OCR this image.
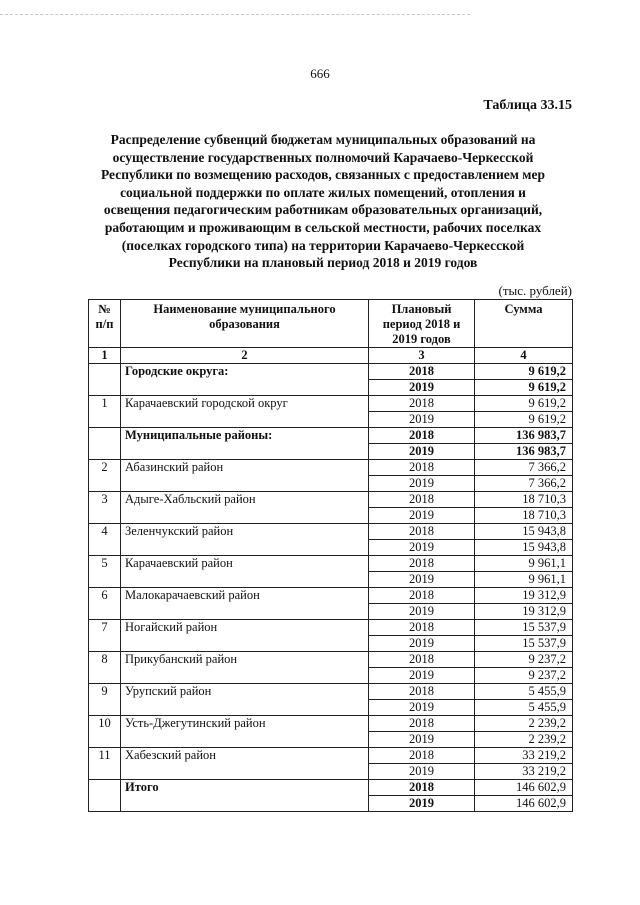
666
Таблица 33.15
Распределение субвенций бюджетам муниципальных образований на
осуществление государственных полномочий Карачаево-Черкесской
Республики по возмещению расходов, связанных с предоставлением мер
социальной поддержки по оплате жилых помещений, отопления и
освещения педагогическим работникам образовательных организаций,
работающим и проживающим в сельской местности, рабочих поселках
(поселках городского типа) на территории Карачаево-Черкесской
Республики на плановый период 2018 и 2019 годов
(тыс. рублей)
№ п/п	Наименование муниципального образования	Плановый период 2018 и 2019 годов	Сумма
1	2	3	4
	Городские округа:	2018	9 619,2
		2019	9 619,2
1	Карачаевский городской округ	2018	9 619,2
		2019	9 619,2
	Муниципальные районы:	2018	136 983,7
		2019	136 983,7
2	Абазинский район	2018	7 366,2
		2019	7 366,2
3	Адыге-Хабльский район	2018	18 710,3
		2019	18 710,3
4	Зеленчукский район	2018	15 943,8
		2019	15 943,8
5	Карачаевский район	2018	9 961,1
		2019	9 961,1
6	Малокарачаевский район	2018	19 312,9
		2019	19 312,9
7	Ногайский район	2018	15 537,9
		2019	15 537,9
8	Прикубанский район	2018	9 237,2
		2019	9 237,2
9	Урупский район	2018	5 455,9
		2019	5 455,9
10	Усть-Джегутинский район	2018	2 239,2
		2019	2 239,2
11	Хабезский район	2018	33 219,2
		2019	33 219,2
	Итого	2018	146 602,9
		2019	146 602,9
